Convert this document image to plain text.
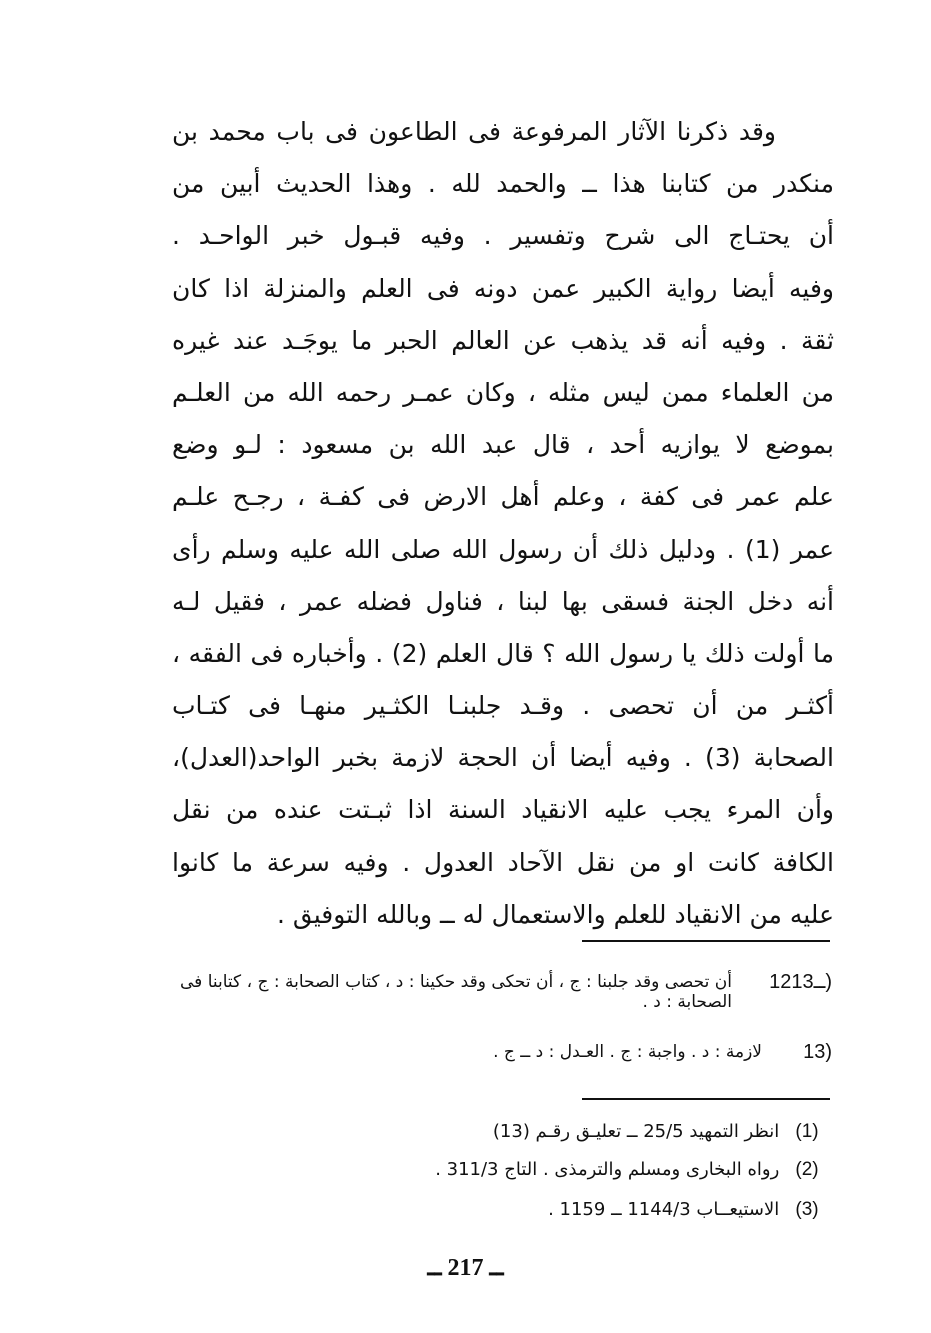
وقد ذكرنا الآثار المرفوعة فى الطاعون فى باب محمد بن
منكدر من كتابنا هذا ــ والحمد لله . وهذا الحديث أبين من
أن يحتـاج الى شرح وتفسير . وفيه قبـول خبر الواحـد .
وفيه أيضا رواية الكبير عمن دونه فى العلم والمنزلة اذا كان
ثقة . وفيه أنه قد يذهب عن العالم الحبر ما يوجَـد عند غيره
من العلماء ممن ليس مثله ، وكان عمـر رحمه الله من العلـم
بموضع لا يوازيه أحد ، قال عبد الله بن مسعود : لـو وضع
علم عمر فى كفة ، وعلم أهل الارض فى كفـة ، رجـح علـم
عمر (1) . ودليل ذلك أن رسول الله صلى الله عليه وسلم رأى
أنه دخل الجنة فسقى بها لبنا ، فناول فضله عمر ، فقيل لـه
ما أولت ذلك يا رسول الله ؟ قال العلم (2) . وأخباره فى الفقه ،
أكثـر من أن تحصى . وقـد جلبنـا الكثـير منهـا فى كتـاب
الصحابة (3) . وفيه أيضا أن الحجة لازمة بخبر الواحد(العدل)،
وأن المرء يجب عليه الانقياد السنة اذا ثبـتت عنده من نقل
الكافة كانت او من نقل الآحاد العدول . وفيه سرعة ما كانوا
عليه من الانقياد للعلم والاستعمال له ــ وبالله التوفيق .
12ــ13)
أن تحصى وقد جلبنا : ج ، أن تحكى وقد حكينا : د ، كتاب الصحابة : ج ، كتابنا فى الصحابة : د .
13)
لازمة : د . واجبة : ج . العـدل : د ــ ج .
(1) انظر التمهيد 25/5 ــ تعليـق رقـم (13)
(2) رواه البخارى ومسلم والترمذى . التاج 311/3 .
(3) الاستيعــاب 1144/3 ــ 1159 .
ــ 217 ــ
